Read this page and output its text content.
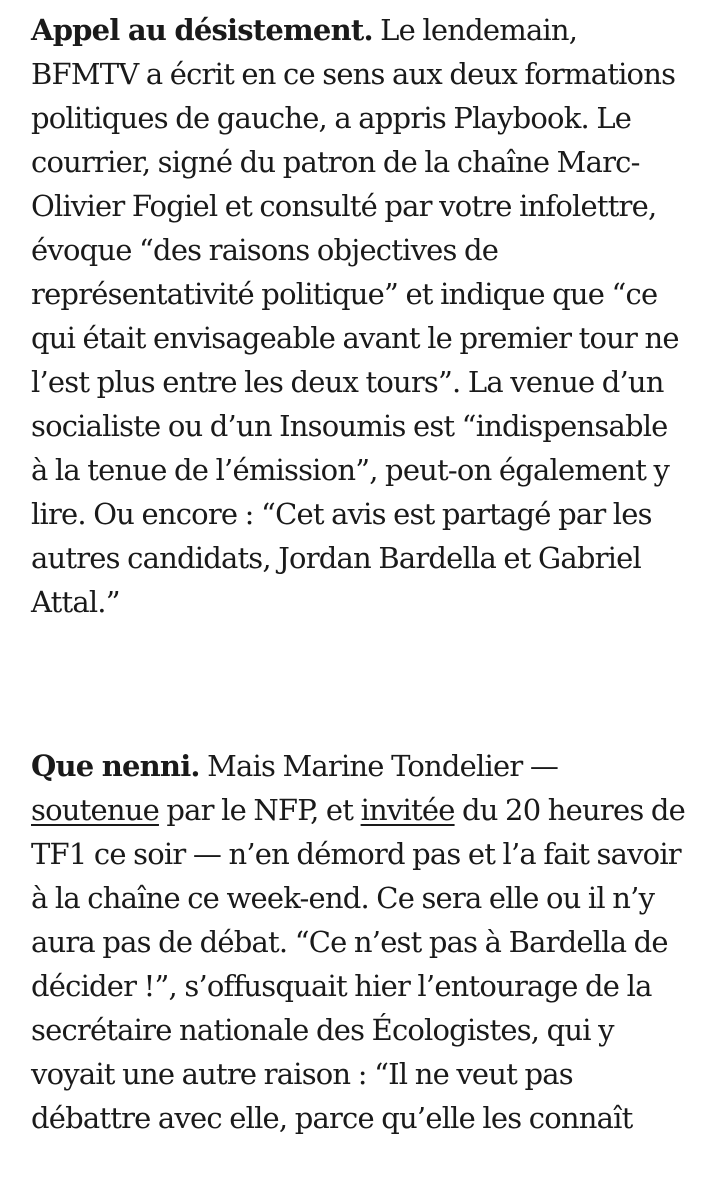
Appel au désistement. Le lendemain,
BFMTV a écrit en ce sens aux deux formations
politiques de gauche, a appris Playbook. Le
courrier, signé du patron de la chaîne Marc-
Olivier Fogiel et consulté par votre infolettre,
évoque “des raisons objectives de
représentativité politique” et indique que “ce
qui était envisageable avant le premier tour ne
l’est plus entre les deux tours”. La venue d’un
socialiste ou d’un Insoumis est “indispensable
à la tenue de l’émission”, peut-on également y
lire. Ou encore : “Cet avis est partagé par les
autres candidats, Jordan Bardella et Gabriel
Attal.”
Que nenni. Mais Marine Tondelier —
soutenue par le NFP, et invitée du 20 heures de
TF1 ce soir — n’en démord pas et l’a fait savoir
à la chaîne ce week-end. Ce sera elle ou il n’y
aura pas de débat. “Ce n’est pas à Bardella de
décider !”, s’offusquait hier l’entourage de la
secrétaire nationale des Écologistes, qui y
voyait une autre raison : “Il ne veut pas
débattre avec elle, parce qu’elle les connaît
